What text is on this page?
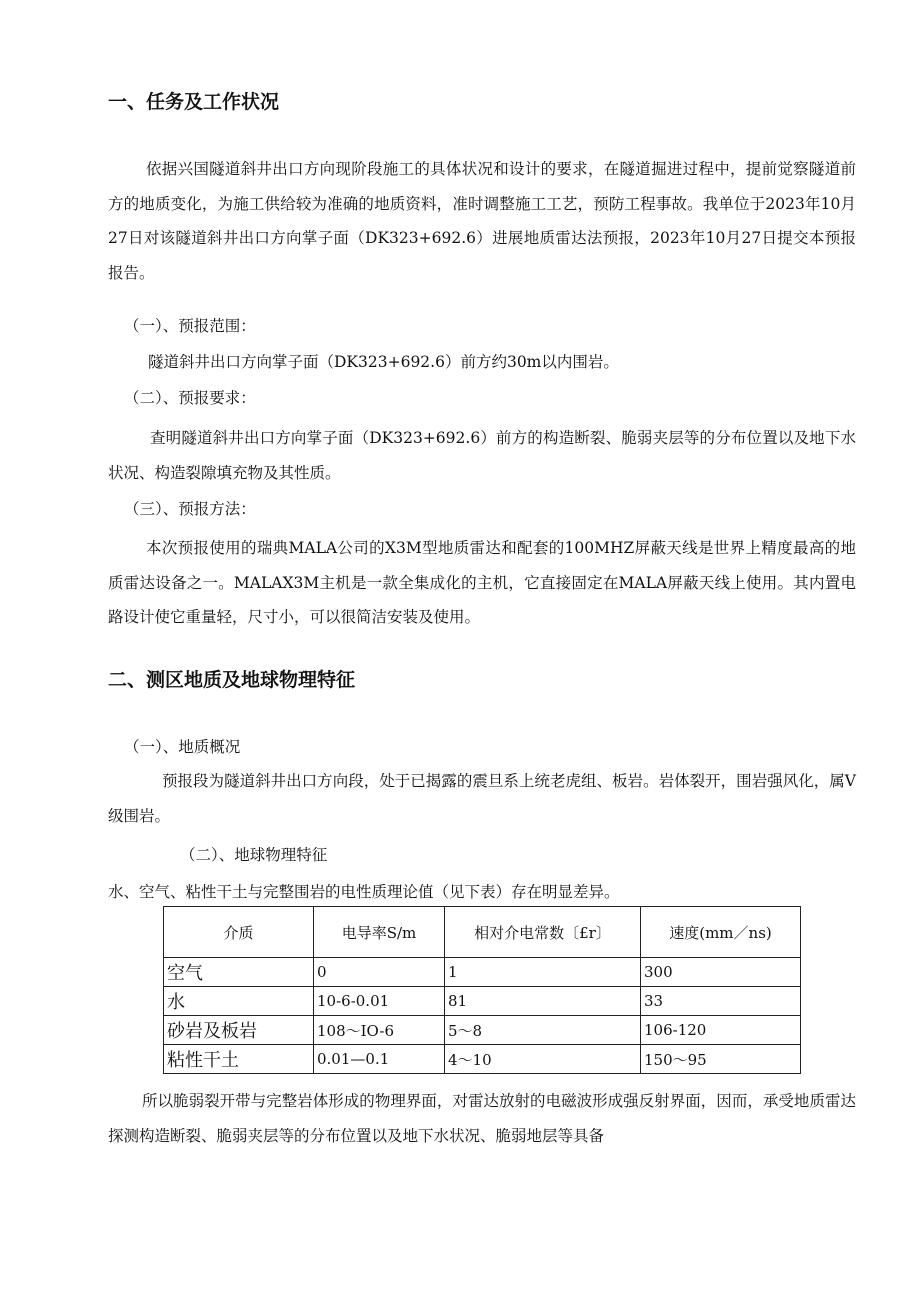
一、任务及工作状况
依据兴国隧道斜井出口方向现阶段施工的具体状况和设计的要求，在隧道掘进过程中，提前觉察隧道前方的地质变化，为施工供给较为准确的地质资料，准时调整施工工艺，预防工程事故。我单位于2023年10月27日对该隧道斜井出口方向掌子面（DK323+692.6）进展地质雷达法预报，2023年10月27日提交本预报报告。
（一）、预报范围：
隧道斜井出口方向掌子面（DK323+692.6）前方约30m以内围岩。
（二）、预报要求：
查明隧道斜井出口方向掌子面（DK323+692.6）前方的构造断裂、脆弱夹层等的分布位置以及地下水状况、构造裂隙填充物及其性质。
（三）、预报方法：
本次预报使用的瑞典MALA公司的X3M型地质雷达和配套的100MHZ屏蔽天线是世界上精度最高的地质雷达设备之一。MALAX3M主机是一款全集成化的主机，它直接固定在MALA屏蔽天线上使用。其内置电路设计使它重量轻，尺寸小，可以很简洁安装及使用。
二、测区地质及地球物理特征
（一）、地质概况
预报段为隧道斜井出口方向段，处于已揭露的震旦系上统老虎组、板岩。岩体裂开，围岩强风化，属V级围岩。
（二）、地球物理特征
水、空气、粘性干土与完整围岩的电性质理论值（见下表）存在明显差异。
介质	电导率S/m	相对介电常数〔£r〕	速度(mm／ns)
空气	0	1	300
水	10-6-0.01	81	33
砂岩及板岩	108～IO-6	5～8	106-120
粘性干土	0.01—0.1	4～10	150～95
所以脆弱裂开带与完整岩体形成的物理界面，对雷达放射的电磁波形成强反射界面，因而，承受地质雷达探测构造断裂、脆弱夹层等的分布位置以及地下水状况、脆弱地层等具备
